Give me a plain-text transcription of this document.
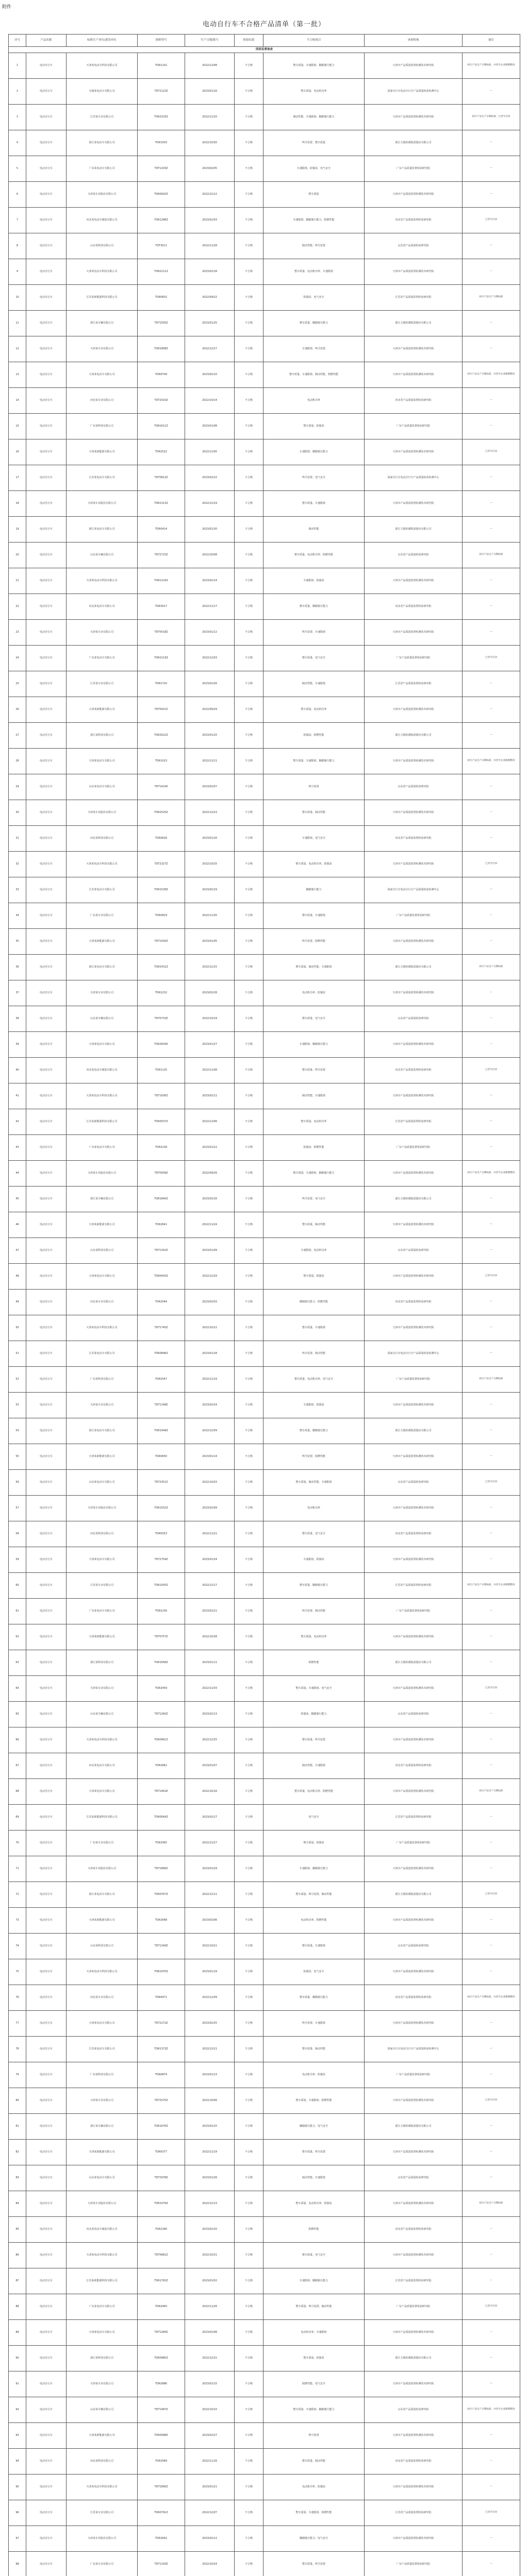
附件
电动自行车不合格产品清单（第一批）
序号	产品名称	标称生产单位/进货单位	规格型号	生产日期/批号	检验结果	不合格项目	承检机构	备注
国家监督抽查								
1	电动自行车	天津某电动车科技有限公司	TDR1102	2022/12/08	不合格	整车质量、车速限值、脚踏骑行能力	天津市产品质量监督检测技术研究院	执行产品生产日期标准，并责令企业限期整改
2	电动自行车	无锡某电动车有限公司	TDT2122Z	2023/01/16	不合格	整车质量、电动机功率	国家自行车电动自行车产品质量检验检测中心	—
3	电动自行车	江苏某车业有限公司	TDR2103Z	2022/11/20	不合格	制动性能、车速限值、脚踏骑行能力	天津市产品质量监督检测技术研究院	执行产品生产日期标准，已责令召回
4	电动自行车	浙江某电动车有限公司	TDR1003	2022/10/30	不合格	鸣号装置、整车质量	浙江方圆检测集团股份有限公司	—
5	电动自行车	广东某电动车有限公司	TDT1203Z	2023/02/05	不合格	车速限值、防篡改、电气安全	广东产品质量监督检验研究院	—
6	电动自行车	天津某车业股份有限公司	TDR0920Z	2022/12/12	不合格	整车质量	天津市产品质量监督检测技术研究院	—
7	电动自行车	河北某电动车制造有限公司	TDR1288Z	2023/01/03	不合格	车速限值、脚踏骑行能力、阻燃性能	河北省产品质量监督检验研究院	已责令召回
8	电动自行车	山东某科技有限公司	TDT3011	2022/11/28	不合格	制动性能、鸣号装置	山东省产品质量检验研究院	—
9	电动自行车	天津某电动车科技有限公司	TDR2211Z	2023/02/18	不合格	整车质量、电动机功率、车速限值	天津市产品质量监督检测技术研究院	—
10	电动自行车	江苏某新能源科技有限公司	TDR0602	2022/09/22	不合格	防篡改、电气安全	江苏省产品质量监督检验研究院	执行产品生产日期标准
11	电动自行车	浙江某车辆有限公司	TDT1505Z	2023/01/25	不合格	整车质量、脚踏骑行能力	浙江方圆检测集团股份有限公司	—
12	电动自行车	天津某车业有限公司	TDR1808Z	2022/12/27	不合格	车速限值、鸣号装置	天津市产品质量监督检测技术研究院	—
13	电动自行车	天津某电动车有限公司	TDR0709	2023/02/10	不合格	整车质量、车速限值、制动性能、阻燃性能	天津市产品质量监督检测技术研究院	执行产品生产日期标准，并责令企业限期整改
14	电动自行车	河北某车业有限公司	TDT2010Z	2022/10/14	不合格	电动机功率	河北省产品质量监督检验研究院	—
15	电动自行车	广东某科技有限公司	TDR1611Z	2023/01/08	不合格	整车质量、防篡改	广东产品质量监督检验研究院	—
16	电动自行车	天津某新能源有限公司	TDR2522	2022/11/05	不合格	车速限值、脚踏骑行能力	天津市产品质量监督检测技术研究院	已责令召回
17	电动自行车	江苏某电动车有限公司	TDT0812Z	2023/02/22	不合格	鸣号装置、电气安全	国家自行车电动自行车产品质量检验检测中心	—
18	电动自行车	天津某车业股份有限公司	TDR1313Z	2022/12/19	不合格	整车质量、车速限值	天津市产品质量监督检测技术研究院	—
19	电动自行车	浙江某电动车有限公司	TDR0414	2023/01/30	不合格	制动性能	浙江方圆检测集团股份有限公司	—
20	电动自行车	山东某车辆有限公司	TDT2715Z	2022/10/08	不合格	整车质量、电动机功率、阻燃性能	山东省产品质量检验研究院	执行产品生产日期标准
21	电动自行车	天津某电动车科技有限公司	TDR1116Z	2023/02/14	不合格	车速限值、防篡改	天津市产品质量监督检测技术研究院	—
22	电动自行车	河北某电动车有限公司	TDR3017	2022/11/17	不合格	整车质量、脚踏骑行能力	河北省产品质量监督检验研究院	—
23	电动自行车	天津某车业有限公司	TDT0518Z	2023/01/12	不合格	鸣号装置、车速限值	天津市产品质量监督检测技术研究院	—
24	电动自行车	广东某电动车有限公司	TDR2119Z	2022/12/03	不合格	整车质量、电气安全	广东产品质量监督检验研究院	已责令召回
25	电动自行车	江苏某车业有限公司	TDR1720	2023/02/26	不合格	制动性能、车速限值	江苏省产品质量监督检验研究院	—
26	电动自行车	天津某新能源有限公司	TDT0921Z	2022/09/29	不合格	整车质量、电动机功率	天津市产品质量监督检测技术研究院	—
27	电动自行车	浙江某科技有限公司	TDR2622Z	2023/01/20	不合格	防篡改、阻燃性能	浙江方圆检测集团股份有限公司	—
28	电动自行车	天津某电动车有限公司	TDR1023	2022/11/11	不合格	整车质量、车速限值、脚踏骑行能力	天津市产品质量监督检测技术研究院	执行产品生产日期标准，并责令企业限期整改
29	电动自行车	山东某电动车有限公司	TDT1424Z	2023/02/07	不合格	鸣号装置	山东省产品质量检验研究院	—
30	电动自行车	天津某车业股份有限公司	TDR2025Z	2022/12/23	不合格	整车质量、制动性能	天津市产品质量监督检测技术研究院	—
31	电动自行车	河北某科技有限公司	TDR0626	2023/01/16	不合格	车速限值、电气安全	河北省产品质量监督检验研究院	—
32	电动自行车	天津某电动车科技有限公司	TDT2327Z	2022/10/25	不合格	整车质量、电动机功率、防篡改	天津市产品质量监督检测技术研究院	已责令召回
33	电动自行车	江苏某电动车有限公司	TDR1528Z	2023/02/19	不合格	脚踏骑行能力	国家自行车电动自行车产品质量检验检测中心	—
34	电动自行车	广东某车业有限公司	TDR0829	2022/11/30	不合格	整车质量、车速限值	广东产品质量监督检验研究院	—
35	电动自行车	天津某新能源有限公司	TDT1930Z	2023/01/05	不合格	鸣号装置、阻燃性能	天津市产品质量监督检测技术研究院	—
36	电动自行车	浙江某电动车有限公司	TDR2431Z	2022/12/15	不合格	整车质量、制动性能、车速限值	浙江方圆检测集团股份有限公司	执行产品生产日期标准
37	电动自行车	天津某车业有限公司	TDR1232	2023/02/28	不合格	电动机功率、防篡改	天津市产品质量监督检测技术研究院	—
38	电动自行车	山东某车辆有限公司	TDT0733Z	2022/10/19	不合格	整车质量、电气安全	山东省产品质量检验研究院	—
39	电动自行车	天津某电动车有限公司	TDR2834Z	2023/01/27	不合格	车速限值、脚踏骑行能力	天津市产品质量监督检测技术研究院	—
40	电动自行车	河北某电动车制造有限公司	TDR1135	2022/11/08	不合格	整车质量、鸣号装置	河北省产品质量监督检验研究院	已责令召回
41	电动自行车	天津某电动车科技有限公司	TDT1636Z	2023/02/11	不合格	制动性能、车速限值	天津市产品质量监督检测技术研究院	—
42	电动自行车	江苏某新能源科技有限公司	TDR0537Z	2022/12/06	不合格	整车质量、电动机功率	江苏省产品质量监督检验研究院	—
43	电动自行车	广东某电动车有限公司	TDR2238	2023/01/22	不合格	防篡改、阻燃性能	广东产品质量监督检验研究院	—
44	电动自行车	天津某车业股份有限公司	TDT0939Z	2022/09/26	不合格	整车质量、车速限值、脚踏骑行能力	天津市产品质量监督检测技术研究院	执行产品生产日期标准，并责令企业限期整改
45	电动自行车	浙江某车辆有限公司	TDR1840Z	2023/02/16	不合格	鸣号装置、电气安全	浙江方圆检测集团股份有限公司	—
46	电动自行车	天津某新能源有限公司	TDR2641	2022/11/24	不合格	整车质量、制动性能	天津市产品质量监督检测技术研究院	—
47	电动自行车	山东某科技有限公司	TDT1342Z	2023/01/09	不合格	车速限值、电动机功率	山东省产品质量检验研究院	—
48	电动自行车	天津某电动车有限公司	TDR0443Z	2022/12/29	不合格	整车质量、防篡改	天津市产品质量监督检测技术研究院	已责令召回
49	电动自行车	河北某车业有限公司	TDR2044	2023/02/03	不合格	脚踏骑行能力、阻燃性能	河北省产品质量监督检验研究院	—
50	电动自行车	天津某电动车科技有限公司	TDT1745Z	2022/10/12	不合格	整车质量、车速限值	天津市产品质量监督检测技术研究院	—
51	电动自行车	江苏某电动车有限公司	TDR0846Z	2023/01/18	不合格	鸣号装置、制动性能	国家自行车电动自行车产品质量检验检测中心	—
52	电动自行车	广东某科技有限公司	TDR2547	2022/11/14	不合格	整车质量、电动机功率、电气安全	广东产品质量监督检验研究院	执行产品生产日期标准
53	电动自行车	天津某车业有限公司	TDT1148Z	2023/02/24	不合格	车速限值、防篡改	天津市产品质量监督检测技术研究院	—
54	电动自行车	浙江某电动车有限公司	TDR1949Z	2022/12/09	不合格	整车质量、脚踏骑行能力	浙江方圆检测集团股份有限公司	—
55	电动自行车	天津某新能源有限公司	TDR0650	2023/01/14	不合格	鸣号装置、阻燃性能	天津市产品质量监督检测技术研究院	—
56	电动自行车	山东某电动车有限公司	TDT2351Z	2022/10/03	不合格	整车质量、制动性能、车速限值	山东省产品质量检验研究院	已责令召回
57	电动自行车	天津某车业股份有限公司	TDR1552Z	2023/02/09	不合格	电动机功率	天津市产品质量监督检测技术研究院	—
58	电动自行车	河北某科技有限公司	TDR0353	2022/11/21	不合格	整车质量、电气安全	河北省产品质量监督检验研究院	—
59	电动自行车	天津某电动车有限公司	TDT2754Z	2023/01/24	不合格	车速限值、防篡改	天津市产品质量监督检测技术研究院	—
60	电动自行车	江苏某车业有限公司	TDR1055Z	2022/12/17	不合格	整车质量、脚踏骑行能力	江苏省产品质量监督检验研究院	执行产品生产日期标准，并责令企业限期整改
61	电动自行车	广东某电动车有限公司	TDR2156	2023/02/21	不合格	鸣号装置、制动性能	广东产品质量监督检验研究院	—
62	电动自行车	天津某新能源有限公司	TDT0757Z	2022/10/28	不合格	整车质量、电动机功率	天津市产品质量监督检测技术研究院	—
63	电动自行车	浙江某科技有限公司	TDR1658Z	2023/01/11	不合格	阻燃性能	浙江方圆检测集团股份有限公司	—
64	电动自行车	天津某车业有限公司	TDR2459	2022/11/03	不合格	整车质量、车速限值、电气安全	天津市产品质量监督检测技术研究院	已责令召回
65	电动自行车	山东某车辆有限公司	TDT1260Z	2023/02/13	不合格	防篡改、脚踏骑行能力	山东省产品质量检验研究院	—
66	电动自行车	天津某电动车科技有限公司	TDR0961Z	2022/12/25	不合格	整车质量、鸣号装置	天津市产品质量监督检测技术研究院	—
67	电动自行车	河北某电动车有限公司	TDR2862	2023/01/07	不合格	制动性能、车速限值	河北省产品质量监督检验研究院	—
68	电动自行车	天津某电动车有限公司	TDT1463Z	2022/10/16	不合格	整车质量、电动机功率、阻燃性能	天津市产品质量监督检测技术研究院	执行产品生产日期标准
69	电动自行车	江苏某新能源科技有限公司	TDR0564Z	2023/02/17	不合格	电气安全	江苏省产品质量监督检验研究院	—
70	电动自行车	广东某车业有限公司	TDR2065	2022/11/27	不合格	整车质量、防篡改	广东产品质量监督检验研究院	—
71	电动自行车	天津某车业股份有限公司	TDT1866Z	2023/01/29	不合格	车速限值、脚踏骑行能力	天津市产品质量监督检测技术研究院	—
72	电动自行车	浙江某电动车有限公司	TDR0767Z	2022/12/11	不合格	整车质量、鸣号装置、制动性能	浙江方圆检测集团股份有限公司	已责令召回
73	电动自行车	天津某新能源有限公司	TDR2668	2023/02/06	不合格	电动机功率、阻燃性能	天津市产品质量监督检测技术研究院	—
74	电动自行车	山东某科技有限公司	TDT1169Z	2022/10/21	不合格	整车质量、车速限值	山东省产品质量检验研究院	—
75	电动自行车	天津某电动车科技有限公司	TDR1970Z	2023/01/19	不合格	防篡改、电气安全	天津市产品质量监督检测技术研究院	—
76	电动自行车	河北某车业有限公司	TDR0471	2022/11/09	不合格	整车质量、脚踏骑行能力	河北省产品质量监督检验研究院	执行产品生产日期标准，并责令企业限期整改
77	电动自行车	天津某电动车有限公司	TDT2272Z	2023/02/25	不合格	鸣号装置、车速限值	天津市产品质量监督检测技术研究院	—
78	电动自行车	江苏某电动车有限公司	TDR1373Z	2022/12/21	不合格	整车质量、制动性能	国家自行车电动自行车产品质量检验检测中心	—
79	电动自行车	广东某科技有限公司	TDR0874	2023/01/13	不合格	电动机功率、防篡改	广东产品质量监督检验研究院	—
80	电动自行车	天津某车业有限公司	TDT2575Z	2022/10/06	不合格	整车质量、车速限值、阻燃性能	天津市产品质量监督检测技术研究院	已责令召回
81	电动自行车	浙江某车辆有限公司	TDR1676Z	2023/02/15	不合格	脚踏骑行能力、电气安全	浙江方圆检测集团股份有限公司	—
82	电动自行车	天津某新能源有限公司	TDR0377	2022/11/19	不合格	整车质量、鸣号装置	天津市产品质量监督检测技术研究院	—
83	电动自行车	山东某电动车有限公司	TDT2978Z	2023/01/26	不合格	制动性能、车速限值	山东省产品质量检验研究院	—
84	电动自行车	天津某车业股份有限公司	TDR1079Z	2022/12/13	不合格	整车质量、电动机功率、防篡改	天津市产品质量监督检测技术研究院	执行产品生产日期标准
85	电动自行车	河北某电动车制造有限公司	TDR2180	2023/02/20	不合格	阻燃性能	河北省产品质量监督检验研究院	—
86	电动自行车	天津某电动车科技有限公司	TDT0681Z	2022/10/31	不合格	整车质量、电气安全	天津市产品质量监督检测技术研究院	—
87	电动自行车	江苏某新能源科技有限公司	TDR1782Z	2023/01/02	不合格	车速限值、脚踏骑行能力	江苏省产品质量监督检验研究院	—
88	电动自行车	广东某电动车有限公司	TDR2483	2022/11/26	不合格	整车质量、鸣号装置、制动性能	广东产品质量监督检验研究院	已责令召回
89	电动自行车	天津某电动车有限公司	TDT1284Z	2023/02/08	不合格	电动机功率、车速限值	天津市产品质量监督检测技术研究院	—
90	电动自行车	浙江某科技有限公司	TDR0985Z	2022/12/31	不合格	整车质量、防篡改	浙江方圆检测集团股份有限公司	—
91	电动自行车	天津某车业有限公司	TDR2886	2023/01/15	不合格	阻燃性能、电气安全	天津市产品质量监督检测技术研究院	—
92	电动自行车	山东某车辆有限公司	TDT1487Z	2022/10/10	不合格	整车质量、车速限值、脚踏骑行能力	山东省产品质量检验研究院	执行产品生产日期标准，并责令企业限期整改
93	电动自行车	天津某新能源有限公司	TDR0588Z	2023/02/27	不合格	鸣号装置	天津市产品质量监督检测技术研究院	—
94	电动自行车	河北某科技有限公司	TDR2089	2022/11/16	不合格	整车质量、制动性能	河北省产品质量监督检验研究院	—
95	电动自行车	天津某电动车科技有限公司	TDT1890Z	2023/01/21	不合格	电动机功率、防篡改	天津市产品质量监督检测技术研究院	—
96	电动自行车	江苏某车业有限公司	TDR0791Z	2022/12/07	不合格	整车质量、车速限值、阻燃性能	江苏省产品质量监督检验研究院	已责令召回
97	电动自行车	天津某车业股份有限公司	TDR2692	2023/02/12	不合格	脚踏骑行能力、电气安全	天津市产品质量监督检测技术研究院	—
98	电动自行车	广东某车业有限公司	TDT1193Z	2022/10/24	不合格	整车质量、鸣号装置	广东产品质量监督检验研究院	—
